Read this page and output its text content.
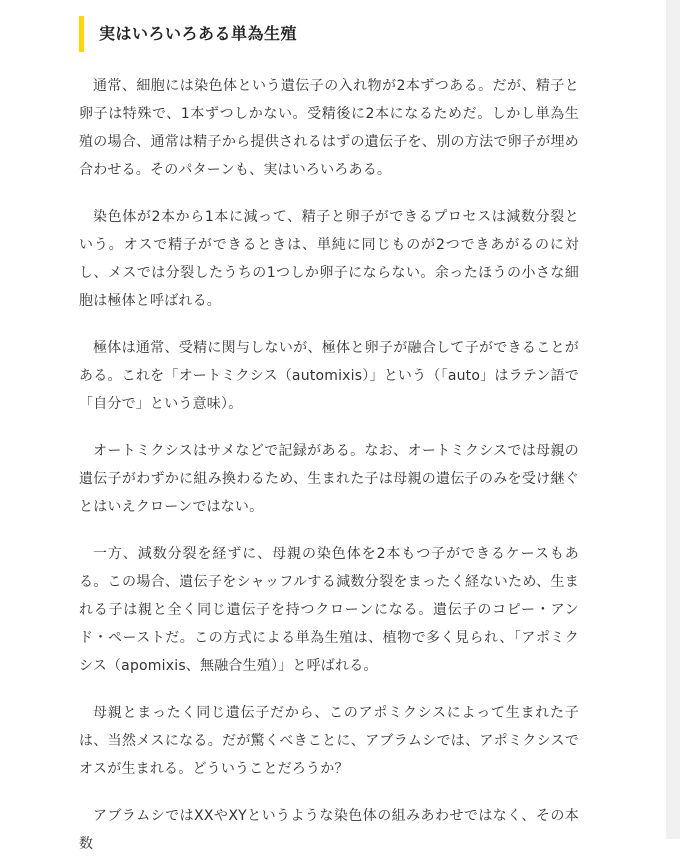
実はいろいろある単為生殖

通常、細胞には染色体という遺伝子の入れ物が2本ずつある。だが、精子と卵子は特殊で、1本ずつしかない。受精後に2本になるためだ。しかし単為生殖の場合、通常は精子から提供されるはずの遺伝子を、別の方法で卵子が埋め合わせる。そのパターンも、実はいろいろある。

染色体が2本から1本に減って、精子と卵子ができるプロセスは減数分裂という。オスで精子ができるときは、単純に同じものが2つできあがるのに対し、メスでは分裂したうちの1つしか卵子にならない。余ったほうの小さな細胞は極体と呼ばれる。

極体は通常、受精に関与しないが、極体と卵子が融合して子ができることがある。これを「オートミクシス（automixis）」という（「auto」はラテン語で「自分で」という意味）。

オートミクシスはサメなどで記録がある。なお、オートミクシスでは母親の遺伝子がわずかに組み換わるため、生まれた子は母親の遺伝子のみを受け継ぐとはいえクローンではない。

一方、減数分裂を経ずに、母親の染色体を2本もつ子ができるケースもある。この場合、遺伝子をシャッフルする減数分裂をまったく経ないため、生まれる子は親と全く同じ遺伝子を持つクローンになる。遺伝子のコピー・アンド・ペーストだ。この方式による単為生殖は、植物で多く見られ、「アポミクシス（apomixis、無融合生殖）」と呼ばれる。

母親とまったく同じ遺伝子だから、このアポミクシスによって生まれた子は、当然メスになる。だが驚くべきことに、アブラムシでは、アポミクシスでオスが生まれる。どういうことだろうか？

アブラムシではXXやXYというような染色体の組みあわせではなく、その本数
